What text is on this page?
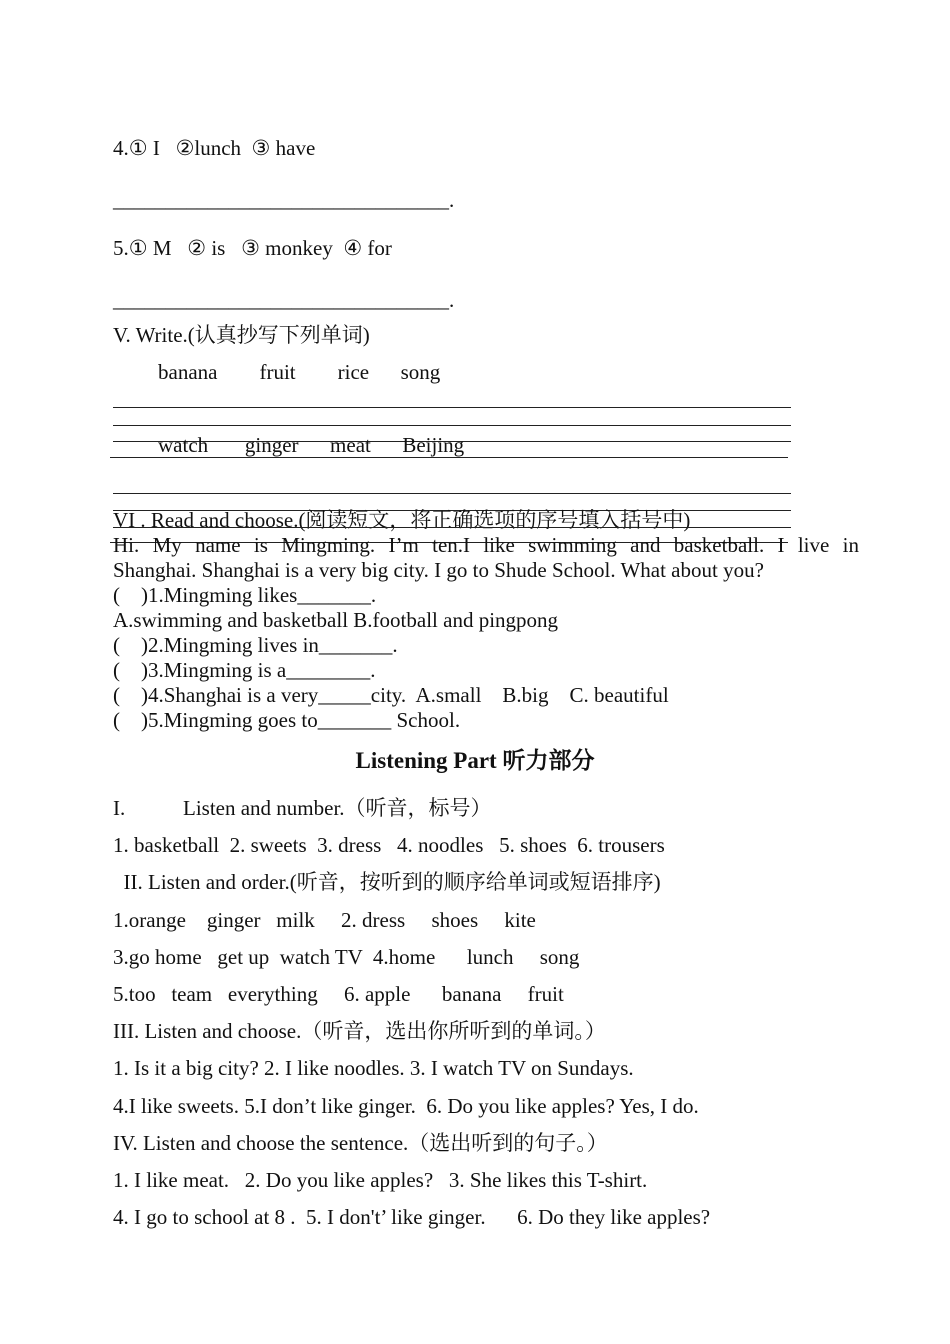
4.① I   ②lunch  ③ have
________________________________.
5.① M   ② is   ③ monkey  ④ for
________________________________.
V. Write.(认真抄写下列单词)
banana        fruit        rice      song
watch       ginger      meat      Beijing
VI . Read and choose.(阅读短文，将正确选项的序号填入括号中)
Hi. My name is Mingming. I’m ten.I like swimming and basketball. I live in
Shanghai. Shanghai is a very big city. I go to Shude School. What about you?
(    )1.Mingming likes_______.
A.swimming and basketball B.football and pingpong
(    )2.Mingming lives in_______.
(    )3.Mingming is a________.
(    )4.Shanghai is a very_____city.  A.small    B.big    C. beautiful
(    )5.Mingming goes to_______ School.
Listening Part 听力部分
I.           Listen and number.（听音，标号）
1. basketball  2. sweets  3. dress   4. noodles   5. shoes  6. trousers
II. Listen and order.(听音，按听到的顺序给单词或短语排序)
1.orange    ginger   milk     2. dress     shoes     kite
3.go home   get up  watch TV  4.home      lunch     song
5.too   team   everything     6. apple      banana     fruit
III. Listen and choose.（听音，选出你所听到的单词。）
1. Is it a big city? 2. I like noodles. 3. I watch TV on Sundays.
4.I like sweets. 5.I don’t like ginger.  6. Do you like apples? Yes, I do.
IV. Listen and choose the sentence.（选出听到的句子。）
1. I like meat.   2. Do you like apples?   3. She likes this T-shirt.
4. I go to school at 8 .  5. I don't’ like ginger.      6. Do they like apples?
